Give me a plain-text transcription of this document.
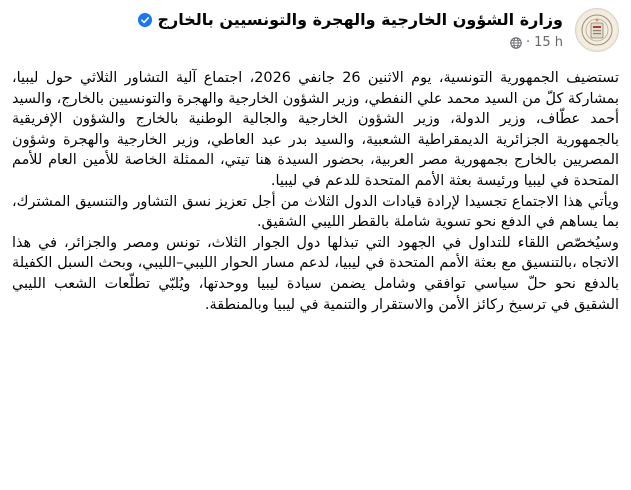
وزارة الشؤون الخارجية والهجرة والتونسيين بالخارج
15 h
·

تستضيف الجمهورية التونسية، يوم الاثنين 26 جانفي 2026، اجتماع آلية التشاور الثلاثي حول ليبيا، بمشاركة كلّ من السيد محمد علي النفطي، وزير الشؤون الخارجية والهجرة والتونسيين بالخارج، والسيد أحمد عطّاف، وزير الدولة، وزير الشؤون الخارجية والجالية الوطنية بالخارج والشؤون الإفريقية بالجمهورية الجزائرية الديمقراطية الشعبية، والسيد بدر عبد العاطي، وزير الخارجية والهجرة وشؤون المصريين بالخارج بجمهورية مصر العربية، بحضور السيدة هنا تيتي، الممثلة الخاصة للأمين العام للأمم المتحدة في ليبيا ورئيسة بعثة الأمم المتحدة للدعم في ليبيا.

ويأتي هذا الاجتماع تجسيدا لإرادة قيادات الدول الثلاث من أجل تعزيز نسق التشاور والتنسيق المشترك، بما يساهم في الدفع نحو تسوية شاملة بالقطر الليبي الشقيق.

وسيُخصّص اللقاء للتداول في الجهود التي تبذلها دول الجوار الثلاث، تونس ومصر والجزائر، في هذا الاتجاه ،بالتنسيق مع بعثة الأمم المتحدة في ليبيا، لدعم مسار الحوار الليبي–الليبي، وبحث السبل الكفيلة بالدفع نحو حلّ سياسي توافقي وشامل يضمن سيادة ليبيا ووحدتها، ويُلبّي تطلّعات الشعب الليبي الشقيق في ترسيخ ركائز الأمن والاستقرار والتنمية في ليبيا وبالمنطقة.
